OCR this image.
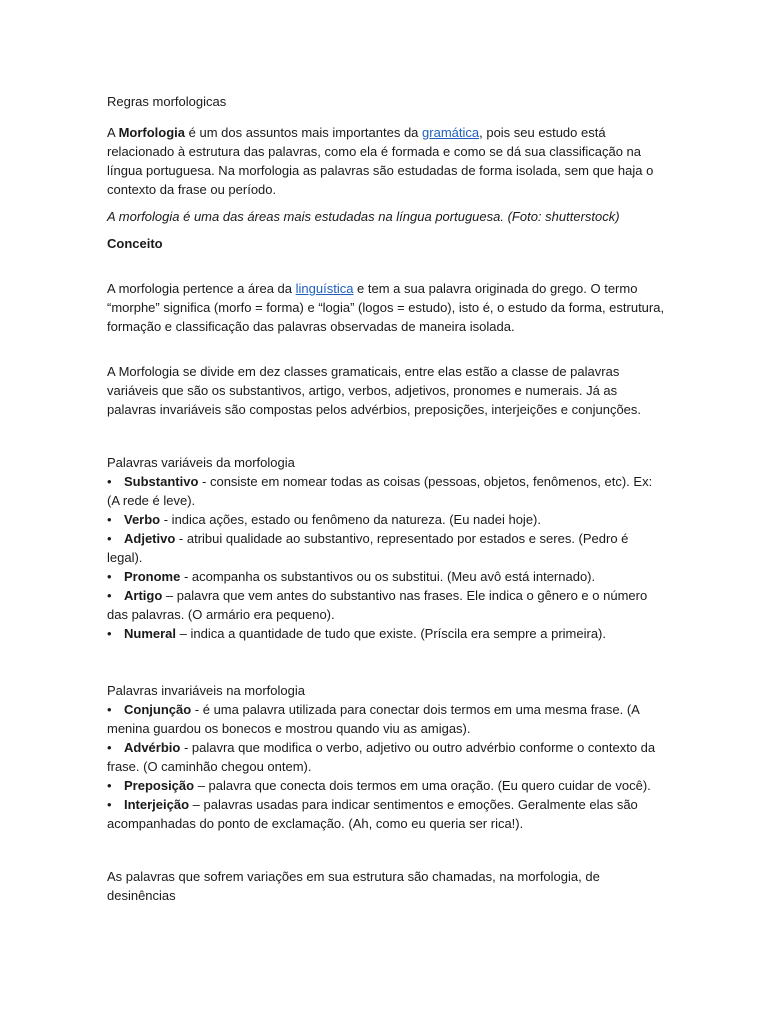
Regras morfologicas

A Morfologia é um dos assuntos mais importantes da gramática, pois seu estudo está relacionado à estrutura das palavras, como ela é formada e como se dá sua classificação na língua portuguesa. Na morfologia as palavras são estudadas de forma isolada, sem que haja o contexto da frase ou período.

A morfologia é uma das áreas mais estudadas na língua portuguesa. (Foto: shutterstock)

Conceito

A morfologia pertence a área da linguística e tem a sua palavra originada do grego. O termo “morphe” significa (morfo = forma) e “logia” (logos = estudo), isto é, o estudo da forma, estrutura, formação e classificação das palavras observadas de maneira isolada.

A Morfologia se divide em dez classes gramaticais, entre elas estão a classe de palavras variáveis que são os substantivos, artigo, verbos, adjetivos, pronomes e numerais. Já as palavras invariáveis são compostas pelos advérbios, preposições, interjeições e conjunções.

Palavras variáveis da morfologia

• Substantivo - consiste em nomear todas as coisas (pessoas, objetos, fenômenos, etc). Ex: (A rede é leve).
• Verbo - indica ações, estado ou fenômeno da natureza. (Eu nadei hoje).
• Adjetivo - atribui qualidade ao substantivo, representado por estados e seres. (Pedro é legal).
• Pronome - acompanha os substantivos ou os substitui. (Meu avô está internado).
• Artigo – palavra que vem antes do substantivo nas frases. Ele indica o gênero e o número das palavras. (O armário era pequeno).
• Numeral – indica a quantidade de tudo que existe. (Príscila era sempre a primeira).

Palavras invariáveis na morfologia

• Conjunção - é uma palavra utilizada para conectar dois termos em uma mesma frase. (A menina guardou os bonecos e mostrou quando viu as amigas).
• Advérbio - palavra que modifica o verbo, adjetivo ou outro advérbio conforme o contexto da frase. (O caminhão chegou ontem).
• Preposição – palavra que conecta dois termos em uma oração. (Eu quero cuidar de você).
• Interjeição – palavras usadas para indicar sentimentos e emoções. Geralmente elas são acompanhadas do ponto de exclamação. (Ah, como eu queria ser rica!).

As palavras que sofrem variações em sua estrutura são chamadas, na morfologia, de desinências
